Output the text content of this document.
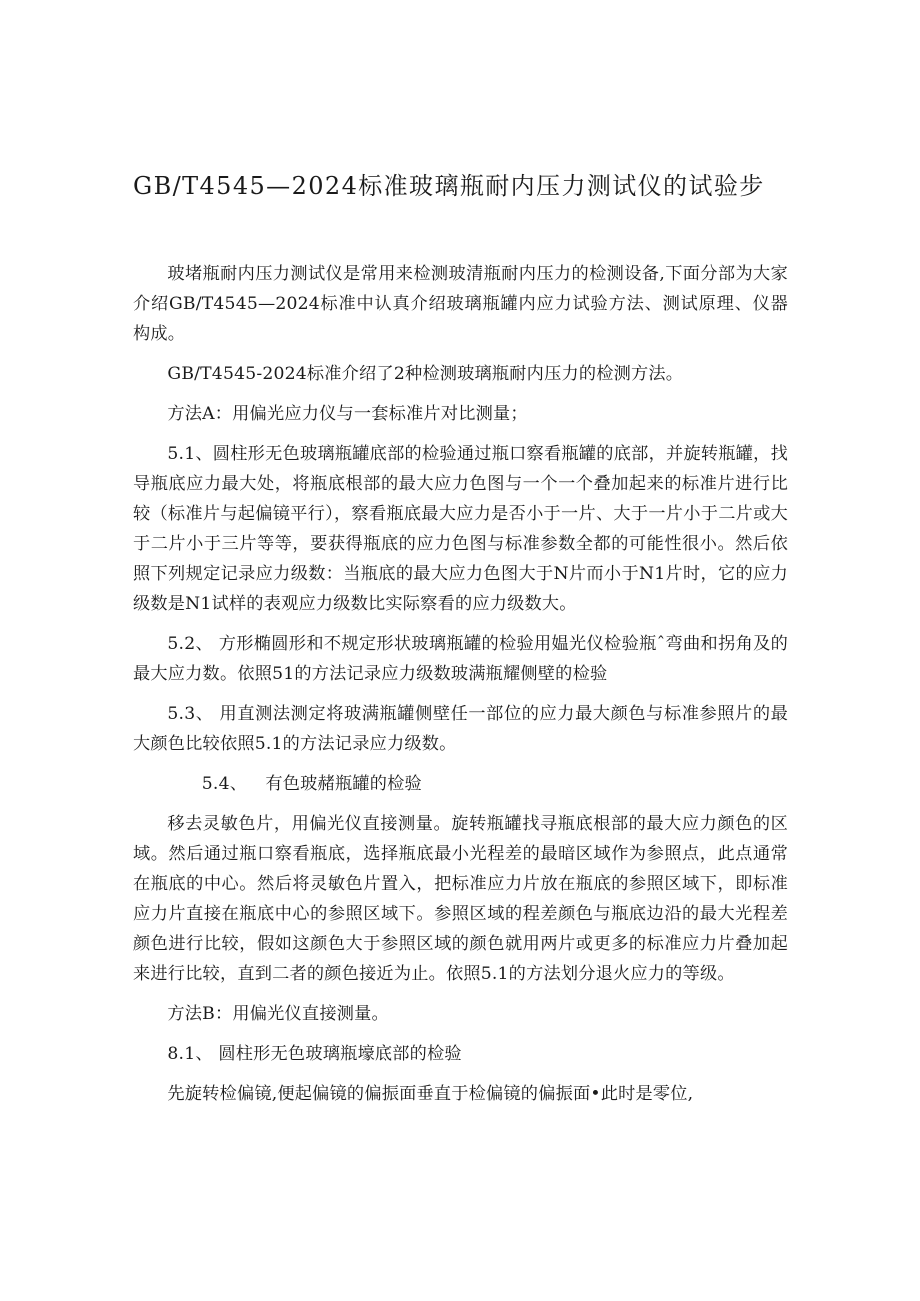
GB/T4545—2024标准玻璃瓶耐内压力测试仪的试验步

玻堵瓶耐内压力测试仪是常用来检测玻清瓶耐内压力的检测设备,下面分部为大家介绍GB/T4545—2024标准中认真介绍玻璃瓶罐内应力试验方法、测试原理、仪器构成。

GB/T4545-2024标准介绍了2种检测玻璃瓶耐内压力的检测方法。

方法A：用偏光应力仪与一套标准片对比测量；

5.1、圆柱形无色玻璃瓶罐底部的检验通过瓶口察看瓶罐的底部，并旋转瓶罐，找导瓶底应力最大处，将瓶底根部的最大应力色图与一个一个叠加起来的标准片进行比较（标准片与起偏镜平行），察看瓶底最大应力是否小于一片、大于一片小于二片或大于二片小于三片等等，要获得瓶底的应力色图与标准参数全都的可能性很小。然后依照下列规定记录应力级数：当瓶底的最大应力色图大于N片而小于N1片时，它的应力级数是N1试样的表观应力级数比实际察看的应力级数大。

5.2、 方形椭圆形和不规定形状玻璃瓶罐的检验用媪光仪检验瓶ˆ弯曲和拐角及的最大应力数。依照51的方法记录应力级数玻满瓶耀侧壁的检验

5.3、 用直测法测定将玻满瓶罐侧壁任一部位的应力最大颜色与标准参照片的最大颜色比较依照5.1的方法记录应力级数。

5.4、 有色玻赭瓶罐的检验

移去灵敏色片，用偏光仪直接测量。旋转瓶罐找寻瓶底根部的最大应力颜色的区域。然后通过瓶口察看瓶底，选择瓶底最小光程差的最暗区域作为参照点，此点通常在瓶底的中心。然后将灵敏色片置入，把标准应力片放在瓶底的参照区域下，即标准应力片直接在瓶底中心的参照区域下。参照区域的程差颜色与瓶底边沿的最大光程差颜色进行比较，假如这颜色大于参照区域的颜色就用两片或更多的标准应力片叠加起来进行比较，直到二者的颜色接近为止。依照5.1的方法划分退火应力的等级。

方法B：用偏光仪直接测量。

8.1、 圆柱形无色玻璃瓶壕底部的检验

先旋转检偏镜,便起偏镜的偏振面垂直于检偏镜的偏振面•此时是零位,
